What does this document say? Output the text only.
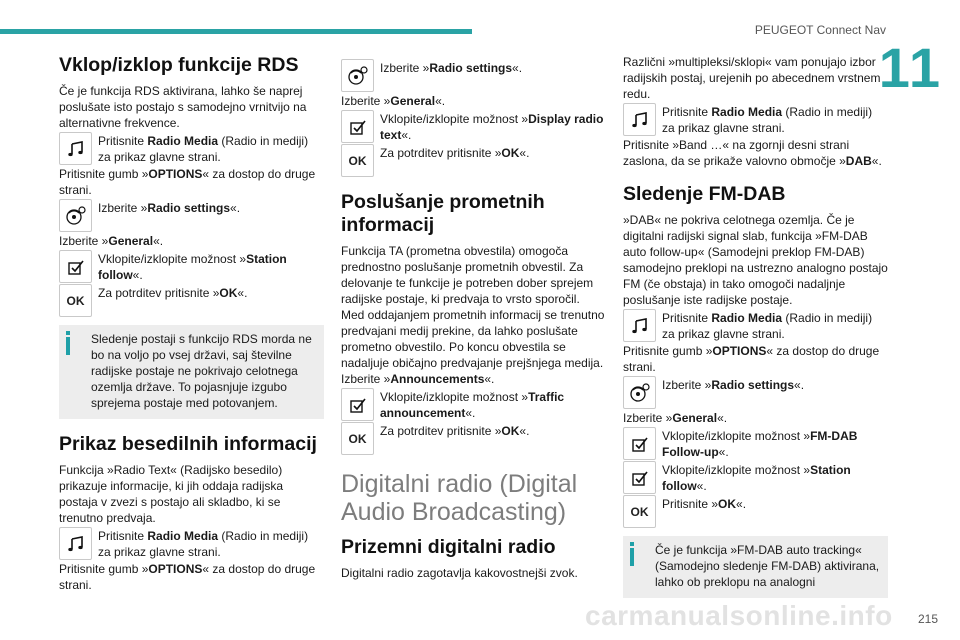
PEUGEOT Connect Nav
11
Vklop/izklop funkcije RDS

Če je funkcija RDS aktivirana, lahko še naprej poslušate isto postajo s samodejno vrnitvijo na alternativne frekvence.

Pritisnite Radio Media (Radio in mediji) za prikaz glavne strani.

Pritisnite gumb »OPTIONS« za dostop do druge strani.

Izberite »Radio settings«.

Izberite »General«.

Vklopite/izklopite možnost »Station follow«.

OK

Za potrditev pritisnite »OK«.

Sledenje postaji s funkcijo RDS morda ne bo na voljo po vsej državi, saj številne radijske postaje ne pokrivajo celotnega ozemlja države. To pojasnjuje izgubo sprejema postaje med potovanjem.
Prikaz besedilnih informacij

Funkcija »Radio Text« (Radijsko besedilo) prikazuje informacije, ki jih oddaja radijska postaja v zvezi s postajo ali skladbo, ki se trenutno predvaja.

Pritisnite Radio Media (Radio in mediji) za prikaz glavne strani.

Pritisnite gumb »OPTIONS« za dostop do druge strani.

Izberite »Radio settings«.

Izberite »General«.

Vklopite/izklopite možnost »Display radio text«.

OK

Za potrditev pritisnite »OK«.

Poslušanje prometnih informacij

Funkcija TA (prometna obvestila) omogoča prednostno poslušanje prometnih obvestil. Za delovanje te funkcije je potreben dober sprejem radijske postaje, ki predvaja to vrsto sporočil. Med oddajanjem prometnih informacij se trenutno predvajani medij prekine, da lahko poslušate prometno obvestilo. Po koncu obvestila se nadaljuje običajno predvajanje prejšnjega medija.

Izberite »Announcements«.

Vklopite/izklopite možnost »Traffic announcement«.

OK

Za potrditev pritisnite »OK«.

Digitalni radio (Digital Audio Broadcasting)
Prizemni digitalni radio

Digitalni radio zagotavlja kakovostnejši zvok.

Različni »multipleksi/sklopi« vam ponujajo izbor radijskih postaj, urejenih po abecednem vrstnem redu.

Pritisnite Radio Media (Radio in mediji) za prikaz glavne strani.

Pritisnite »Band …« na zgornji desni strani zaslona, da se prikaže valovno območje »DAB«.

Sledenje FM-DAB

»DAB« ne pokriva celotnega ozemlja. Če je digitalni radijski signal slab, funkcija »FM-DAB auto follow-up« (Samodejni preklop FM-DAB) samodejno preklopi na ustrezno analogno postajo FM (če obstaja) in tako omogoči nadaljnje poslušanje iste radijske postaje.

Pritisnite Radio Media (Radio in mediji) za prikaz glavne strani.

Pritisnite gumb »OPTIONS« za dostop do druge strani.

Izberite »Radio settings«.

Izberite »General«.

Vklopite/izklopite možnost »FM-DAB Follow-up«.

Vklopite/izklopite možnost »Station follow«.

OK

Pritisnite »OK«.

Če je funkcija »FM-DAB auto tracking« (Samodejno sledenje FM-DAB) aktivirana, lahko ob preklopu na analogni
carmanualsonline.info 215
